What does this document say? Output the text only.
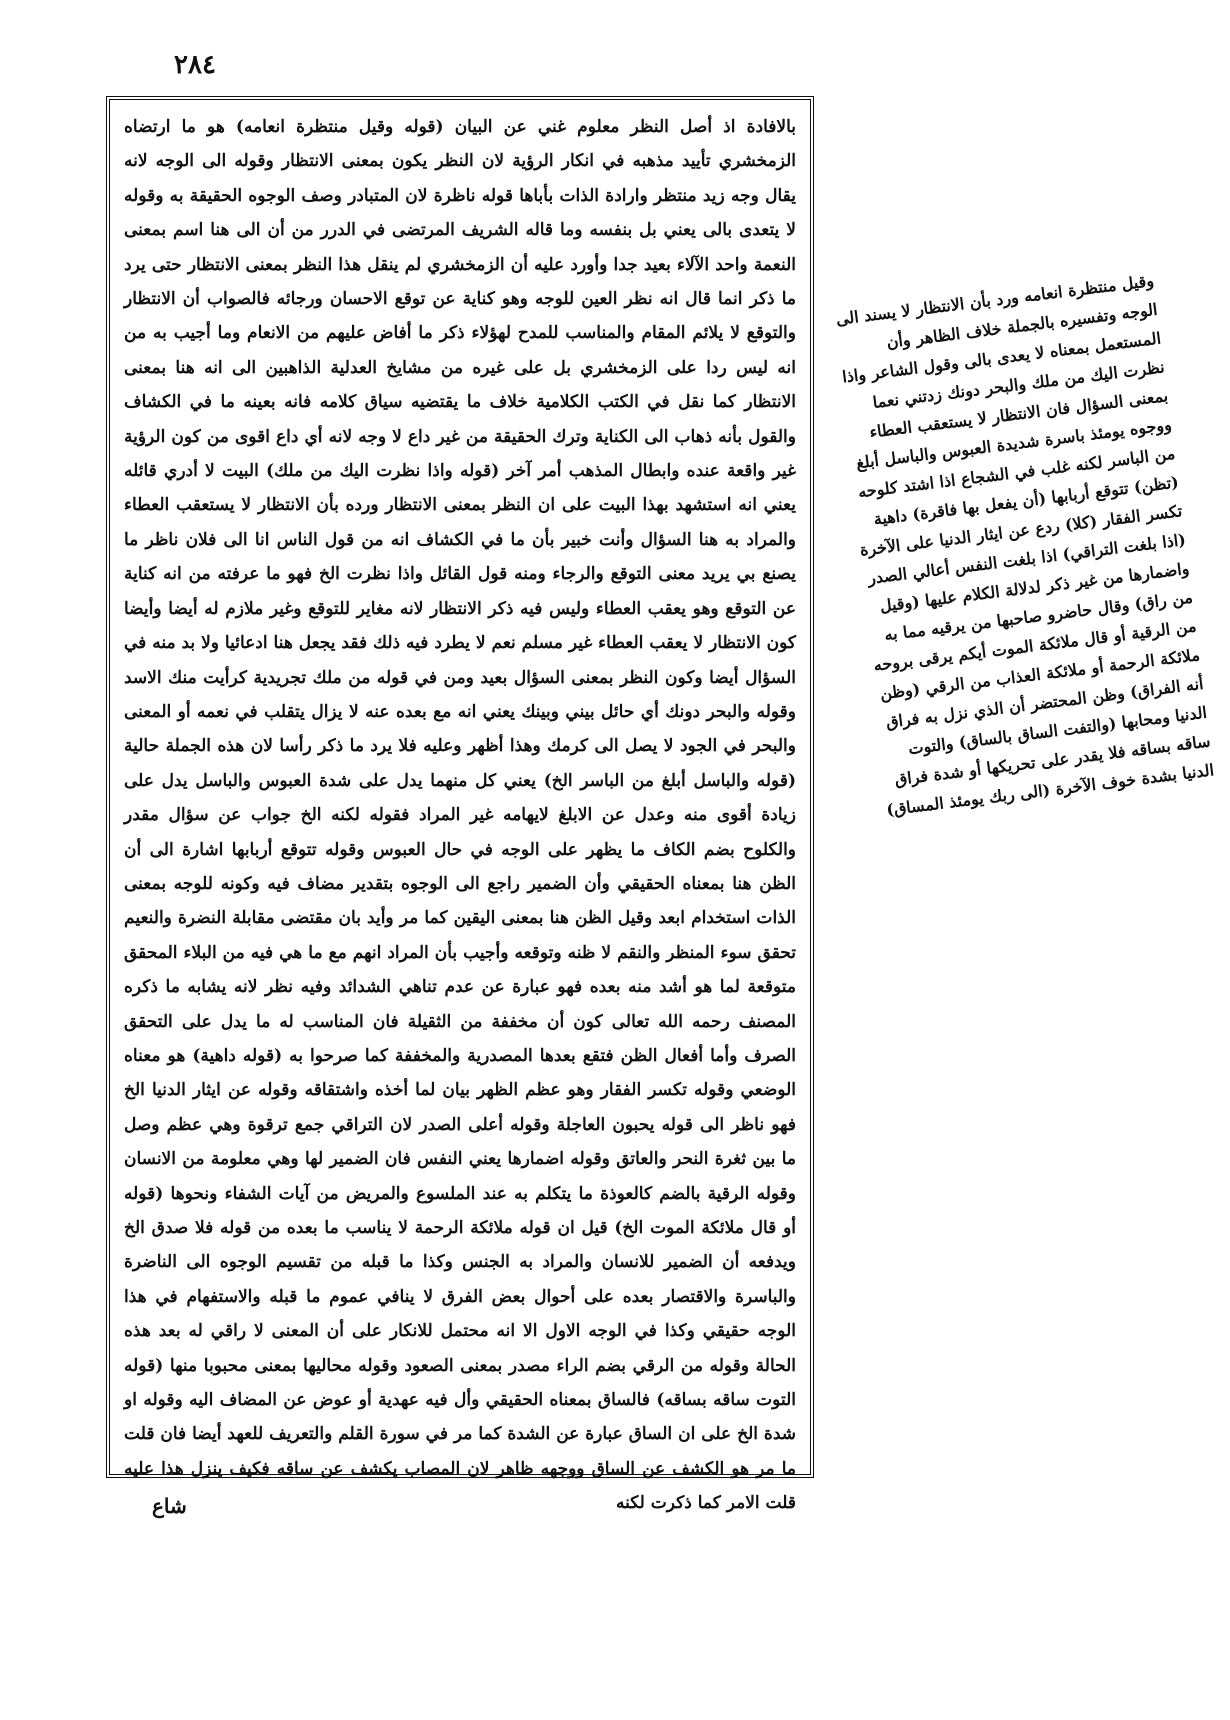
٢٨٤

بالافادة اذ أصل النظر معلوم غني عن البيان (قوله وقيل منتظرة انعامه) هو ما ارتضاه الزمخشري تأييد مذهبه في انكار الرؤية لان النظر يكون بمعنى الانتظار وقوله الى الوجه لانه يقال وجه زيد منتظر وارادة الذات بأباها قوله ناظرة لان المتبادر وصف الوجوه الحقيقة به وقوله لا يتعدى بالى يعني بل بنفسه وما قاله الشريف المرتضى في الدرر من أن الى هنا اسم بمعنى النعمة واحد الآلاء بعيد جدا وأورد عليه أن الزمخشري لم ينقل هذا النظر بمعنى الانتظار حتى يرد ما ذكر انما قال انه نظر العين للوجه وهو كناية عن توقع الاحسان ورجائه فالصواب أن الانتظار والتوقع لا يلائم المقام والمناسب للمدح لهؤلاء ذكر ما أفاض عليهم من الانعام وما أجيب به من انه ليس ردا على الزمخشري بل على غيره من مشايخ العدلية الذاهبين الى انه هنا بمعنى الانتظار كما نقل في الكتب الكلامية خلاف ما يقتضيه سياق كلامه فانه بعينه ما في الكشاف والقول بأنه ذهاب الى الكناية وترك الحقيقة من غير داع لا وجه لانه أي داع اقوى من كون الرؤية غير واقعة عنده وابطال المذهب أمر آخر (قوله واذا نظرت اليك من ملك) البيت لا أدري قائله يعني انه استشهد بهذا البيت على ان النظر بمعنى الانتظار ورده بأن الانتظار لا يستعقب العطاء والمراد به هنا السؤال وأنت خبير بأن ما في الكشاف انه من قول الناس انا الى فلان ناظر ما يصنع بي يريد معنى التوقع والرجاء ومنه قول القائل واذا نظرت الخ فهو ما عرفته من انه كناية عن التوقع وهو يعقب العطاء وليس فيه ذكر الانتظار لانه مغاير للتوقع وغير ملازم له أيضا وأيضا كون الانتظار لا يعقب العطاء غير مسلم نعم لا يطرد فيه ذلك فقد يجعل هنا ادعائيا ولا بد منه في السؤال أيضا وكون النظر بمعنى السؤال بعيد ومن في قوله من ملك تجريدية كرأيت منك الاسد وقوله والبحر دونك أي حائل بيني وبينك يعني انه مع بعده عنه لا يزال يتقلب في نعمه أو المعنى والبحر في الجود لا يصل الى كرمك وهذا أظهر وعليه فلا يرد ما ذكر رأسا لان هذه الجملة حالية (قوله والباسل أبلغ من الباسر الخ) يعني كل منهما يدل على شدة العبوس والباسل يدل على زيادة أقوى منه وعدل عن الابلغ لايهامه غير المراد فقوله لكنه الخ جواب عن سؤال مقدر والكلوح بضم الكاف ما يظهر على الوجه في حال العبوس وقوله تتوقع أربابها اشارة الى أن الظن هنا بمعناه الحقيقي وأن الضمير راجع الى الوجوه بتقدير مضاف فيه وكونه للوجه بمعنى الذات استخدام ابعد وقيل الظن هنا بمعنى اليقين كما مر وأيد بان مقتضى مقابلة النضرة والنعيم تحقق سوء المنظر والنقم لا ظنه وتوقعه وأجيب بأن المراد انهم مع ما هي فيه من البلاء المحقق متوقعة لما هو أشد منه بعده فهو عبارة عن عدم تناهي الشدائد وفيه نظر لانه يشابه ما ذكره المصنف رحمه الله تعالى كون أن مخففة من الثقيلة فان المناسب له ما يدل على التحقق الصرف وأما أفعال الظن فتقع بعدها المصدرية والمخففة كما صرحوا به (قوله داهية) هو معناه الوضعي وقوله تكسر الفقار وهو عظم الظهر بيان لما أخذه واشتقاقه وقوله عن ايثار الدنيا الخ فهو ناظر الى قوله يحبون العاجلة وقوله أعلى الصدر لان التراقي جمع ترقوة وهي عظم وصل ما بين ثغرة النحر والعاتق وقوله اضمارها يعني النفس فان الضمير لها وهي معلومة من الانسان وقوله الرقية بالضم كالعوذة ما يتكلم به عند الملسوع والمريض من آيات الشفاء ونحوها (قوله أو قال ملائكة الموت الخ) قيل ان قوله ملائكة الرحمة لا يناسب ما بعده من قوله فلا صدق الخ ويدفعه أن الضمير للانسان والمراد به الجنس وكذا ما قبله من تقسيم الوجوه الى الناضرة والباسرة والاقتصار بعده على أحوال بعض الفرق لا ينافي عموم ما قبله والاستفهام في هذا الوجه حقيقي وكذا في الوجه الاول الا انه محتمل للانكار على أن المعنى لا راقي له بعد هذه الحالة وقوله من الرقي بضم الراء مصدر بمعنى الصعود وقوله محاليها بمعنى محبوبا منها (قوله التوت ساقه بساقه) فالساق بمعناه الحقيقي وأل فيه عهدية أو عوض عن المضاف اليه وقوله او شدة الخ على ان الساق عبارة عن الشدة كما مر في سورة القلم والتعريف للعهد أيضا فان قلت ما مر هو الكشف عن الساق ووجهه ظاهر لان المصاب يكشف عن ساقه فكيف ينزل هذا عليه قلت الامر كما ذكرت لكنه

وقيل منتظرة انعامه ورد بأن الانتظار لا يسند الى الوجه وتفسيره بالجملة خلاف الظاهر وأن المستعمل بمعناه لا يعدى بالى وقول الشاعر واذا نظرت اليك من ملك والبحر دونك زدتني نعما بمعنى السؤال فان الانتظار لا يستعقب العطاء ووجوه يومئذ باسرة شديدة العبوس والباسل أبلغ من الباسر لكنه غلب في الشجاع اذا اشتد كلوحه (تظن) تتوقع أربابها (أن يفعل بها فاقرة) داهية تكسر الفقار (كلا) ردع عن ايثار الدنيا على الآخرة (اذا بلغت التراقي) اذا بلغت النفس أعالي الصدر واضمارها من غير ذكر لدلالة الكلام عليها (وقيل من راق) وقال حاضرو صاحبها من يرقيه مما به من الرقية أو قال ملائكة الموت أيكم يرقى بروحه ملائكة الرحمة أو ملائكة العذاب من الرقي (وظن أنه الفراق) وظن المحتضر أن الذي نزل به فراق الدنيا ومحابها (والتفت الساق بالساق) والتوت ساقه بساقه فلا يقدر على تحريكها أو شدة فراق الدنيا بشدة خوف الآخرة (الى ربك يومئذ المساق)
شاع
